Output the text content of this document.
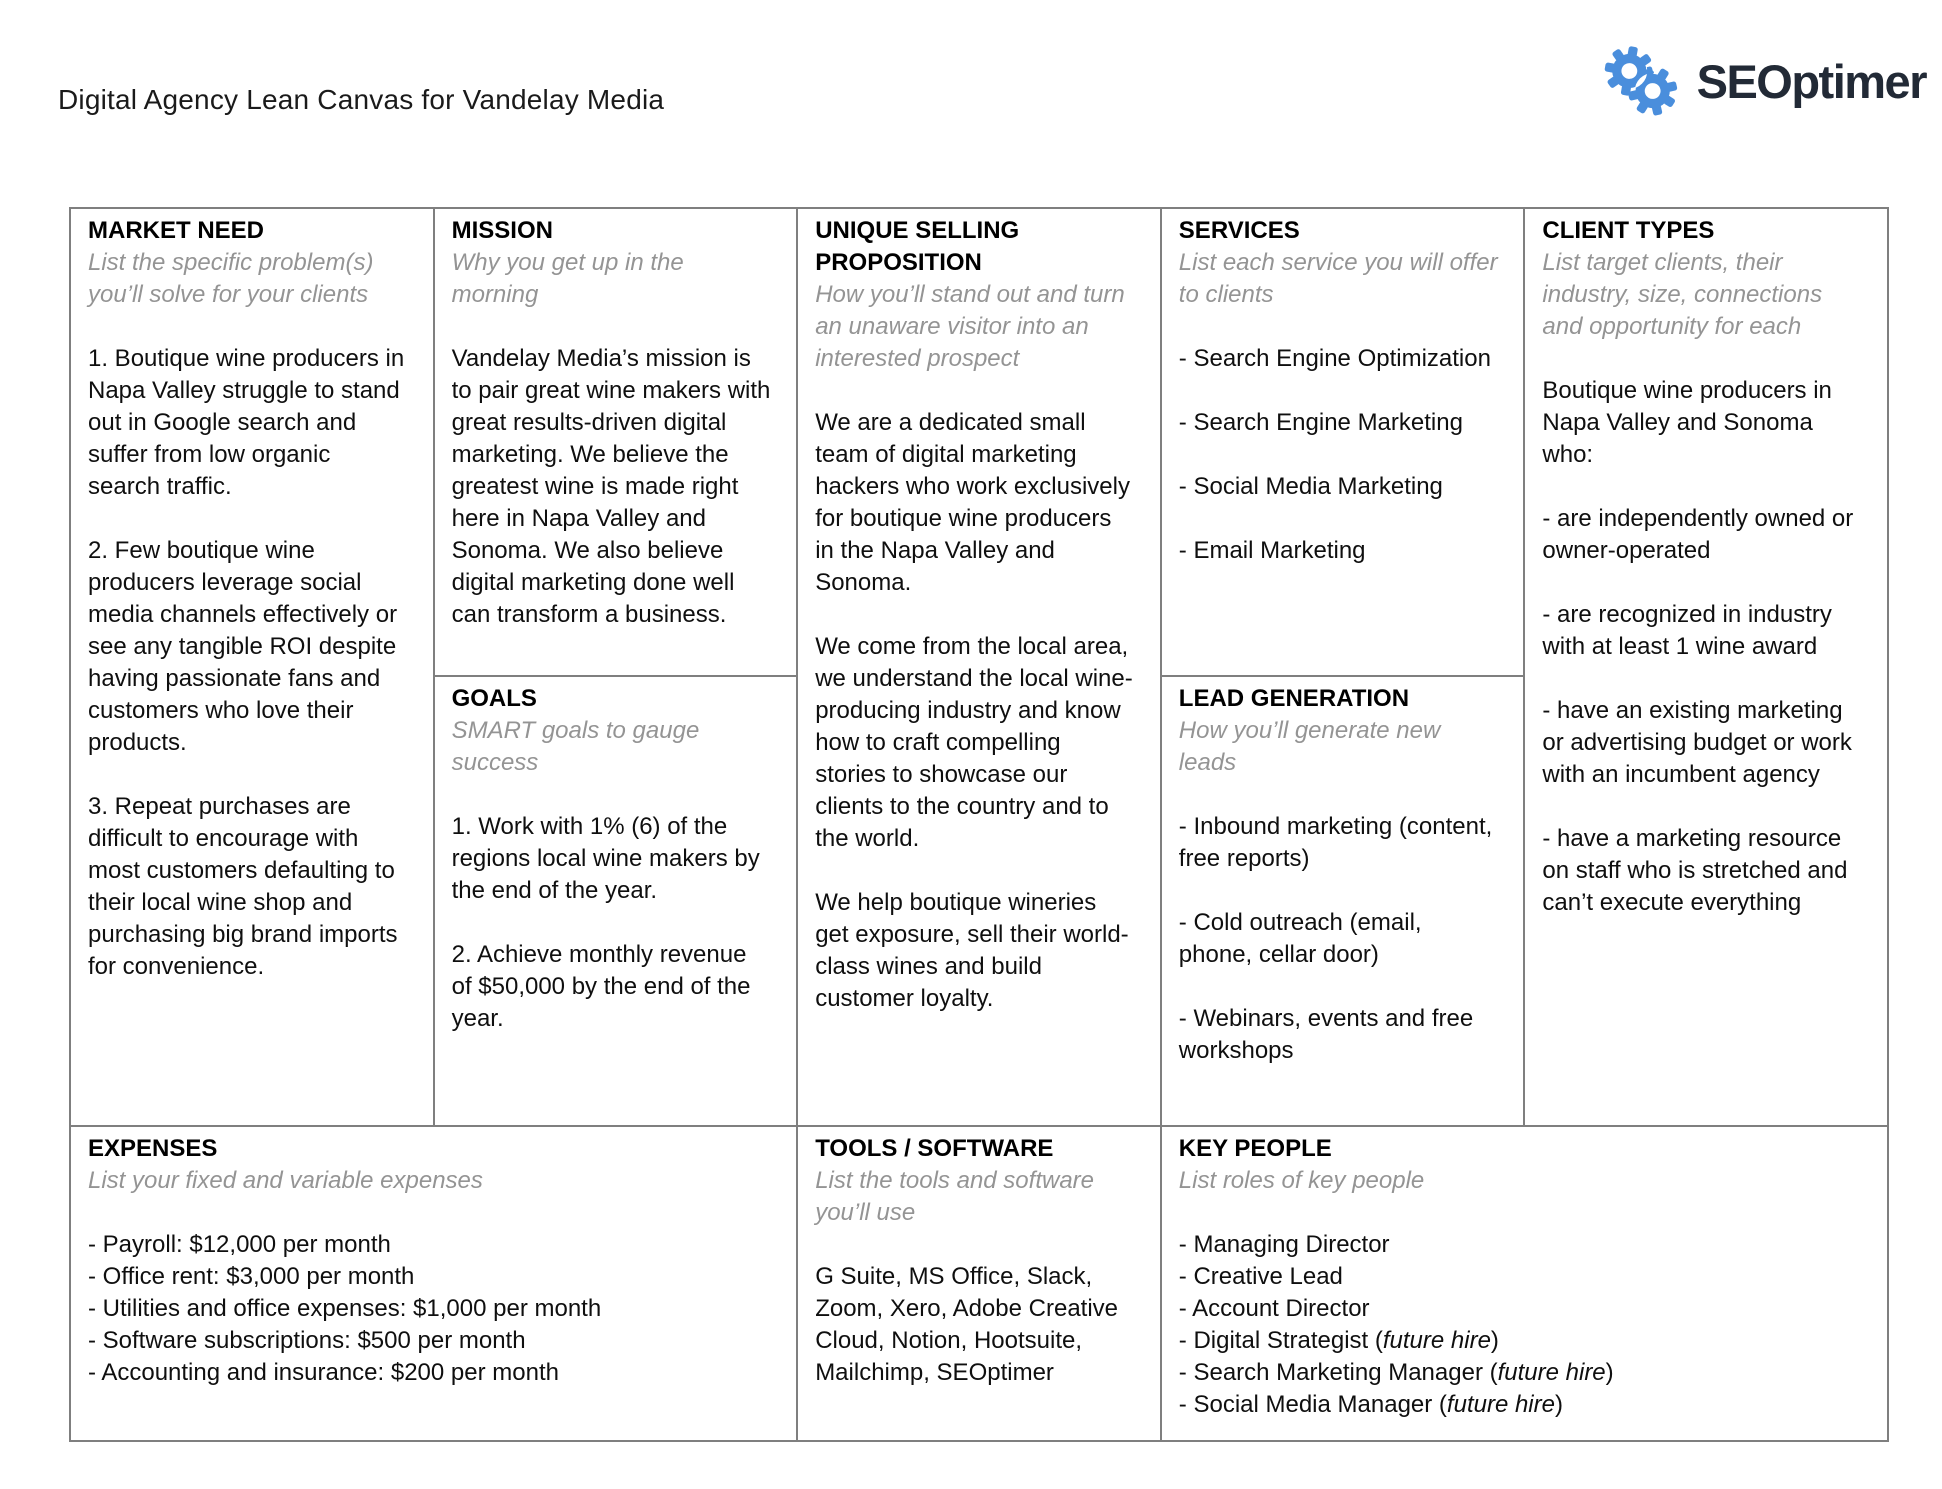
Digital Agency Lean Canvas for Vandelay Media	SEOptimer
MARKET NEED

List the specific problem(s) you’ll solve for your clients

1. Boutique wine producers in Napa Valley struggle to stand out in Google search and suffer from low organic search traffic.

2. Few boutique wine producers leverage social media channels effectively or see any tangible ROI despite having passionate fans and customers who love their products.

3. Repeat purchases are difficult to encourage with most customers defaulting to their local wine shop and purchasing big brand imports for convenience.

MISSION

Why you get up in the morning

Vandelay Media’s mission is to pair great wine makers with great results-driven digital marketing. We believe the greatest wine is made right here in Napa Valley and Sonoma. We also believe digital marketing done well can transform a business.

GOALS

SMART goals to gauge success

1. Work with 1% (6) of the regions local wine makers by the end of the year.

2. Achieve monthly revenue of $50,000 by the end of the year.

UNIQUE SELLING PROPOSITION

How you’ll stand out and turn an unaware visitor into an interested prospect

We are a dedicated small team of digital marketing hackers who work exclusively for boutique wine producers in the Napa Valley and Sonoma.

We come from the local area, we understand the local wine-producing industry and know how to craft compelling stories to showcase our clients to the country and to the world.

We help boutique wineries get exposure, sell their world-class wines and build customer loyalty.

SERVICES

List each service you will offer to clients

- Search Engine Optimization

- Search Engine Marketing

- Social Media Marketing

- Email Marketing

LEAD GENERATION

How you’ll generate new leads

- Inbound marketing (content, free reports)

- Cold outreach (email, phone, cellar door)

- Webinars, events and free workshops

CLIENT TYPES

List target clients, their industry, size, connections and opportunity for each

Boutique wine producers in Napa Valley and Sonoma who:

- are independently owned or owner-operated

- are recognized in industry with at least 1 wine award

- have an existing marketing or advertising budget or work with an incumbent agency

- have a marketing resource on staff who is stretched and can’t execute everything

EXPENSES

List your fixed and variable expenses

- Payroll: $12,000 per month

- Office rent: $3,000 per month

- Utilities and office expenses: $1,000 per month

- Software subscriptions: $500 per month

- Accounting and insurance: $200 per month

TOOLS / SOFTWARE

List the tools and software you’ll use

G Suite, MS Office, Slack, Zoom, Xero, Adobe Creative Cloud, Notion, Hootsuite, Mailchimp, SEOptimer

KEY PEOPLE

List roles of key people

- Managing Director

- Creative Lead

- Account Director

- Digital Strategist (future hire)

- Search Marketing Manager (future hire)

- Social Media Manager (future hire)
